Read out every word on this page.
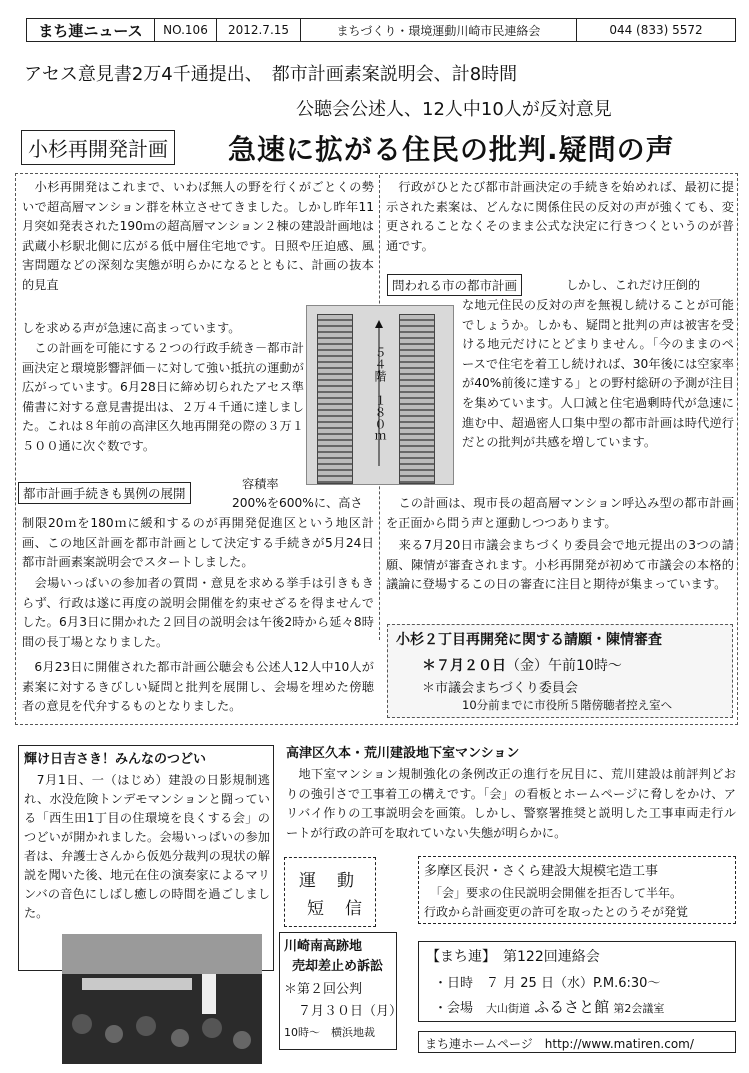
まち連ニュース	NO.106	2012.7.15	まちづくり・環境運動川崎市民連絡会	044 (833) 5572
アセス意見書2万4千通提出、　都市計画素案説明会、計8時間
公聴会公述人、12人中10人が反対意見
小杉再開発計画 急速に拡がる住民の批判.疑問の声
　小杉再開発はこれまで、いわば無人の野を行くがごとくの勢いで超高層マンション群を林立させてきました。しかし昨年11月突如発表された190ｍの超高層マンション２棟の建設計画地は武蔵小杉駅北側に広がる低中層住宅地です。日照や圧迫感、風害問題などの深刻な実態が明らかになるとともに、計画の抜本的見直
しを求める声が急速に高まっています。
　この計画を可能にする２つの行政手続き－都市計画決定と環境影響評価－に対して強い抵抗の運動が広がっています。6月28日に締め切られたアセス準備書に対する意見書提出は、２万４千通に達しました。これは８年前の高津区久地再開発の際の３万１５００通に次ぐ数です。
都市計画手続きも異例の展開
容積率
200%を600%に、高さ
制限20ｍを180ｍに緩和するのが再開発促進区という地区計画、この地区計画を都市計画として決定する手続きが5月24日都市計画素案説明会でスタートしました。
　会場いっぱいの参加者の質問・意見を求める挙手は引きもきらず、行政は遂に再度の説明会開催を約束せざるを得ませんでした。6月3日に開かれた２回目の説明会は午後2時から延々8時間の長丁場となりました。
　6月23日に開催された都市計画公聴会も公述人12人中10人が素案に対するきびしい疑問と批判を展開し、会場を埋めた傍聴者の意見を代弁するものとなりました。
５４階　１８０ｍ
　行政がひとたび都市計画決定の手続きを始めれば、最初に提示された素案は、どんなに関係住民の反対の声が強くても、変更されることなくそのまま公式な決定に行きつくというのが普通です。
問われる市の都市計画	しかし、これだけ圧倒的
な地元住民の反対の声を無視し続けることが可能でしょうか。しかも、疑問と批判の声は被害を受ける地元だけにとどまりません。「今のままのペースで住宅を着工し続ければ、30年後には空家率が40%前後に達する」との野村総研の予測が注目を集めています。人口減と住宅過剰時代が急速に進む中、超過密人口集中型の都市計画は時代逆行だとの批判が共感を増しています。
　この計画は、現市長の超高層マンション呼込み型の都市計画を正面から問う声と運動しつつあります。
　来る7月20日市議会まちづくり委員会で地元提出の3つの請願、陳情が審査されます。小杉再開発が初めて市議会の本格的議論に登場するこの日の審査に注目と期待が集まっています。
小杉２丁目再開発に関する請願・陳情審査
＊７月２０日（金）午前10時～
＊市議会まちづくり委員会
10分前までに市役所５階傍聴者控え室へ
輝け日吉さき！みんなのつどい
　7月1日、一（はじめ）建設の日影規制逃れ、水没危険トンデモマンションと闘っている「西生田1丁目の住環境を良くする会」のつどいが開かれました。会場いっぱいの参加者は、弁護士さんから仮処分裁判の現状の解説を聞いた後、地元在住の演奏家によるマリンバの音色にしばし癒しの時間を過ごしました。
高津区久本・荒川建設地下室マンション
　地下室マンション規制強化の条例改正の進行を尻目に、荒川建設は前評判どおりの強引さで工事着工の構えです。「会」の看板とホームページに脅しをかけ、アリバイ作りの工事説明会を画策。しかし、警察署推奨と説明した工事車両走行ルートが行政の許可を取れていない失態が明らかに。
運　動
短　信
多摩区長沢・さくら建設大規模宅造工事
　「会」要求の住民説明会開催を拒否して半年。
行政から計画変更の許可を取ったとのうそが発覚
川崎南高跡地
売却差止め訴訟
＊第２回公判
７月３０日（月）
10時～　横浜地裁
【まち連】　第122回連絡会
・日時　７ 月 25 日（水）P.M.6:30～
・会場　 大山街道 ふるさと館 第2会議室
まち連ホームページ　http://www.matiren.com/
